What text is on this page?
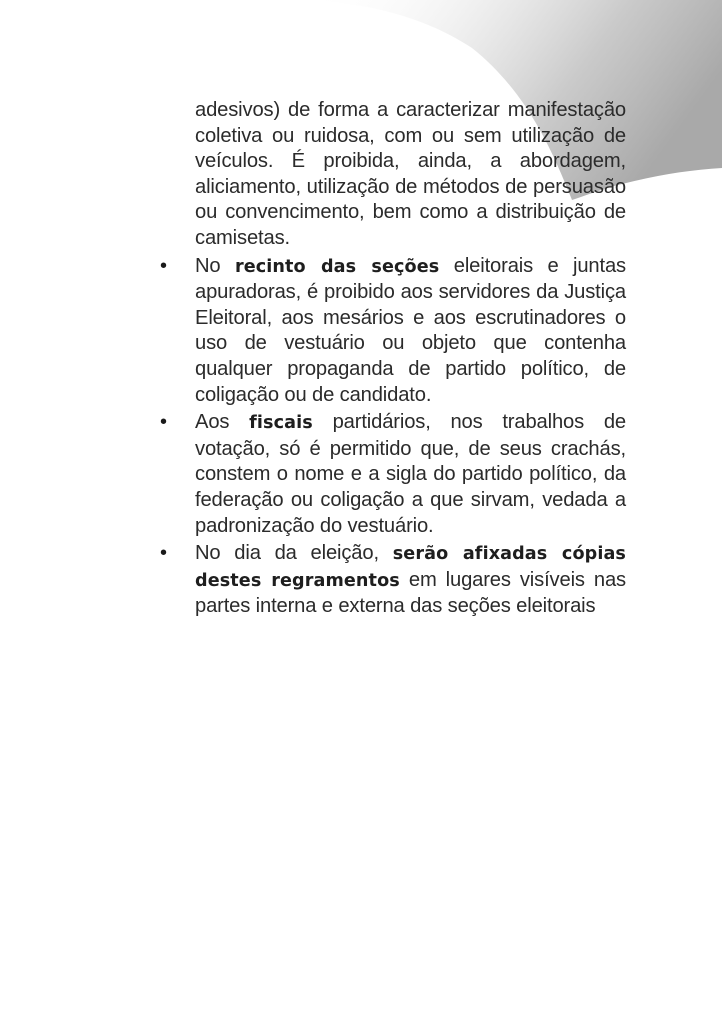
adesivos) de forma a caracterizar manifestação coletiva ou ruidosa, com ou sem utilização de veículos. É proibida, ainda, a abordagem, aliciamento, utilização de métodos de persuasão ou convencimento, bem como a distribuição de camisetas.

• No recinto das seções eleitorais e juntas apuradoras, é proibido aos servidores da Justiça Eleitoral, aos mesários e aos escrutinadores o uso de vestuário ou objeto que contenha qualquer propaganda de partido político, de coligação ou de candidato.

• Aos fiscais partidários, nos trabalhos de votação, só é permitido que, de seus crachás, constem o nome e a sigla do partido político, da federação ou coligação a que sirvam, vedada a padronização do vestuário.

• No dia da eleição, serão afixadas cópias destes regramentos em lugares visíveis nas partes interna e externa das seções eleitorais
